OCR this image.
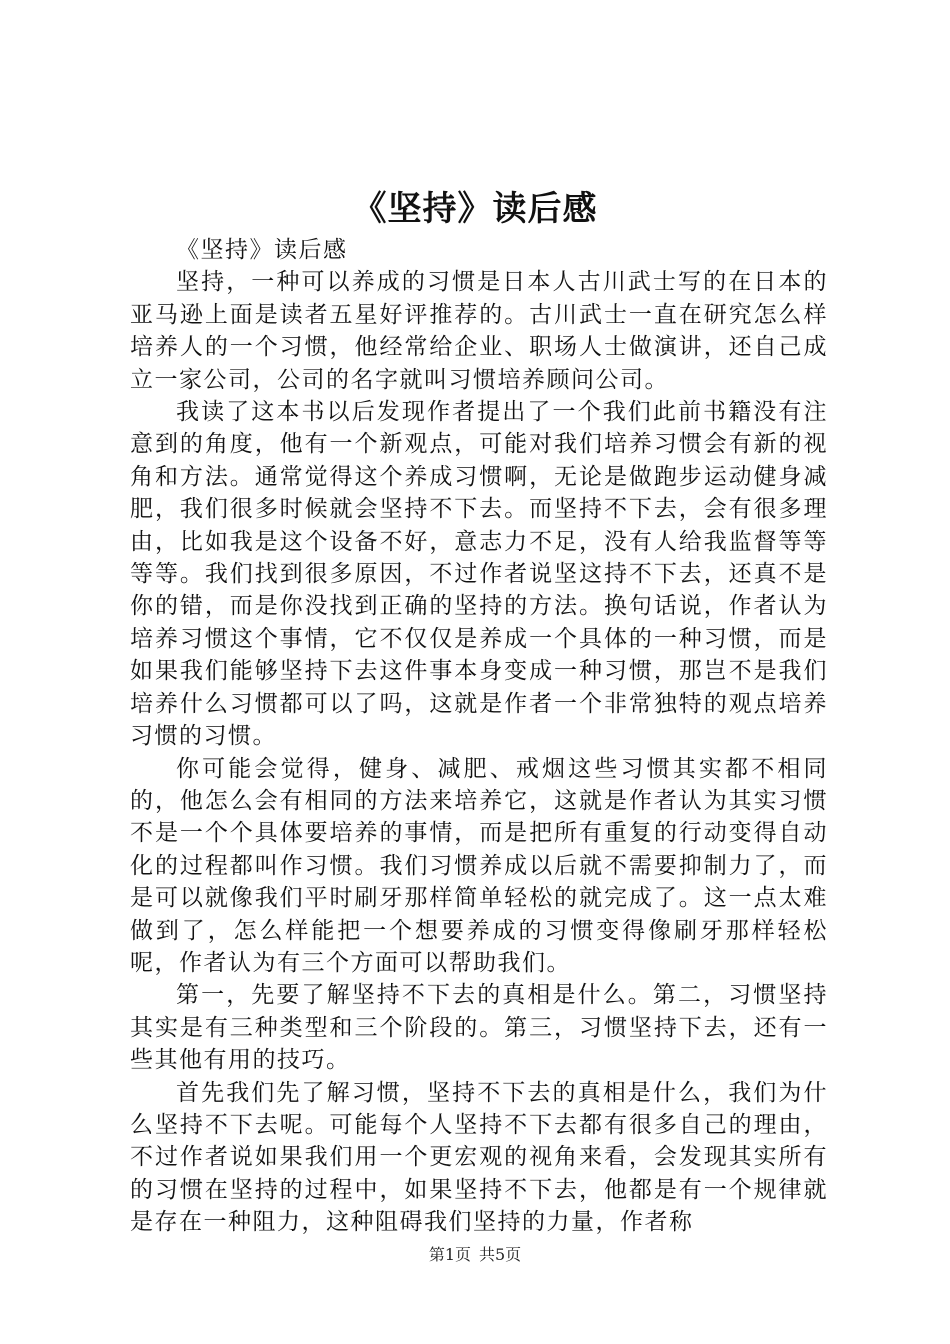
《坚持》读后感

《坚持》读后感

坚持，一种可以养成的习惯是日本人古川武士写的在日本的亚马逊上面是读者五星好评推荐的。古川武士一直在研究怎么样培养人的一个习惯，他经常给企业、职场人士做演讲，还自己成立一家公司，公司的名字就叫习惯培养顾问公司。

我读了这本书以后发现作者提出了一个我们此前书籍没有注意到的角度，他有一个新观点，可能对我们培养习惯会有新的视角和方法。通常觉得这个养成习惯啊，无论是做跑步运动健身减肥，我们很多时候就会坚持不下去。而坚持不下去，会有很多理由，比如我是这个设备不好，意志力不足，没有人给我监督等等等等。我们找到很多原因，不过作者说坚这持不下去，还真不是你的错，而是你没找到正确的坚持的方法。换句话说，作者认为培养习惯这个事情，它不仅仅是养成一个具体的一种习惯，而是如果我们能够坚持下去这件事本身变成一种习惯，那岂不是我们培养什么习惯都可以了吗，这就是作者一个非常独特的观点培养习惯的习惯。

你可能会觉得，健身、减肥、戒烟这些习惯其实都不相同的，他怎么会有相同的方法来培养它，这就是作者认为其实习惯不是一个个具体要培养的事情，而是把所有重复的行动变得自动化的过程都叫作习惯。我们习惯养成以后就不需要抑制力了，而是可以就像我们平时刷牙那样简单轻松的就完成了。这一点太难做到了，怎么样能把一个想要养成的习惯变得像刷牙那样轻松呢，作者认为有三个方面可以帮助我们。

第一，先要了解坚持不下去的真相是什么。第二，习惯坚持其实是有三种类型和三个阶段的。第三，习惯坚持下去，还有一些其他有用的技巧。

首先我们先了解习惯，坚持不下去的真相是什么，我们为什么坚持不下去呢。可能每个人坚持不下去都有很多自己的理由，不过作者说如果我们用一个更宏观的视角来看，会发现其实所有的习惯在坚持的过程中，如果坚持不下去，他都是有一个规律就是存在一种阻力，这种阻碍我们坚持的力量，作者称

第1页 共5页
